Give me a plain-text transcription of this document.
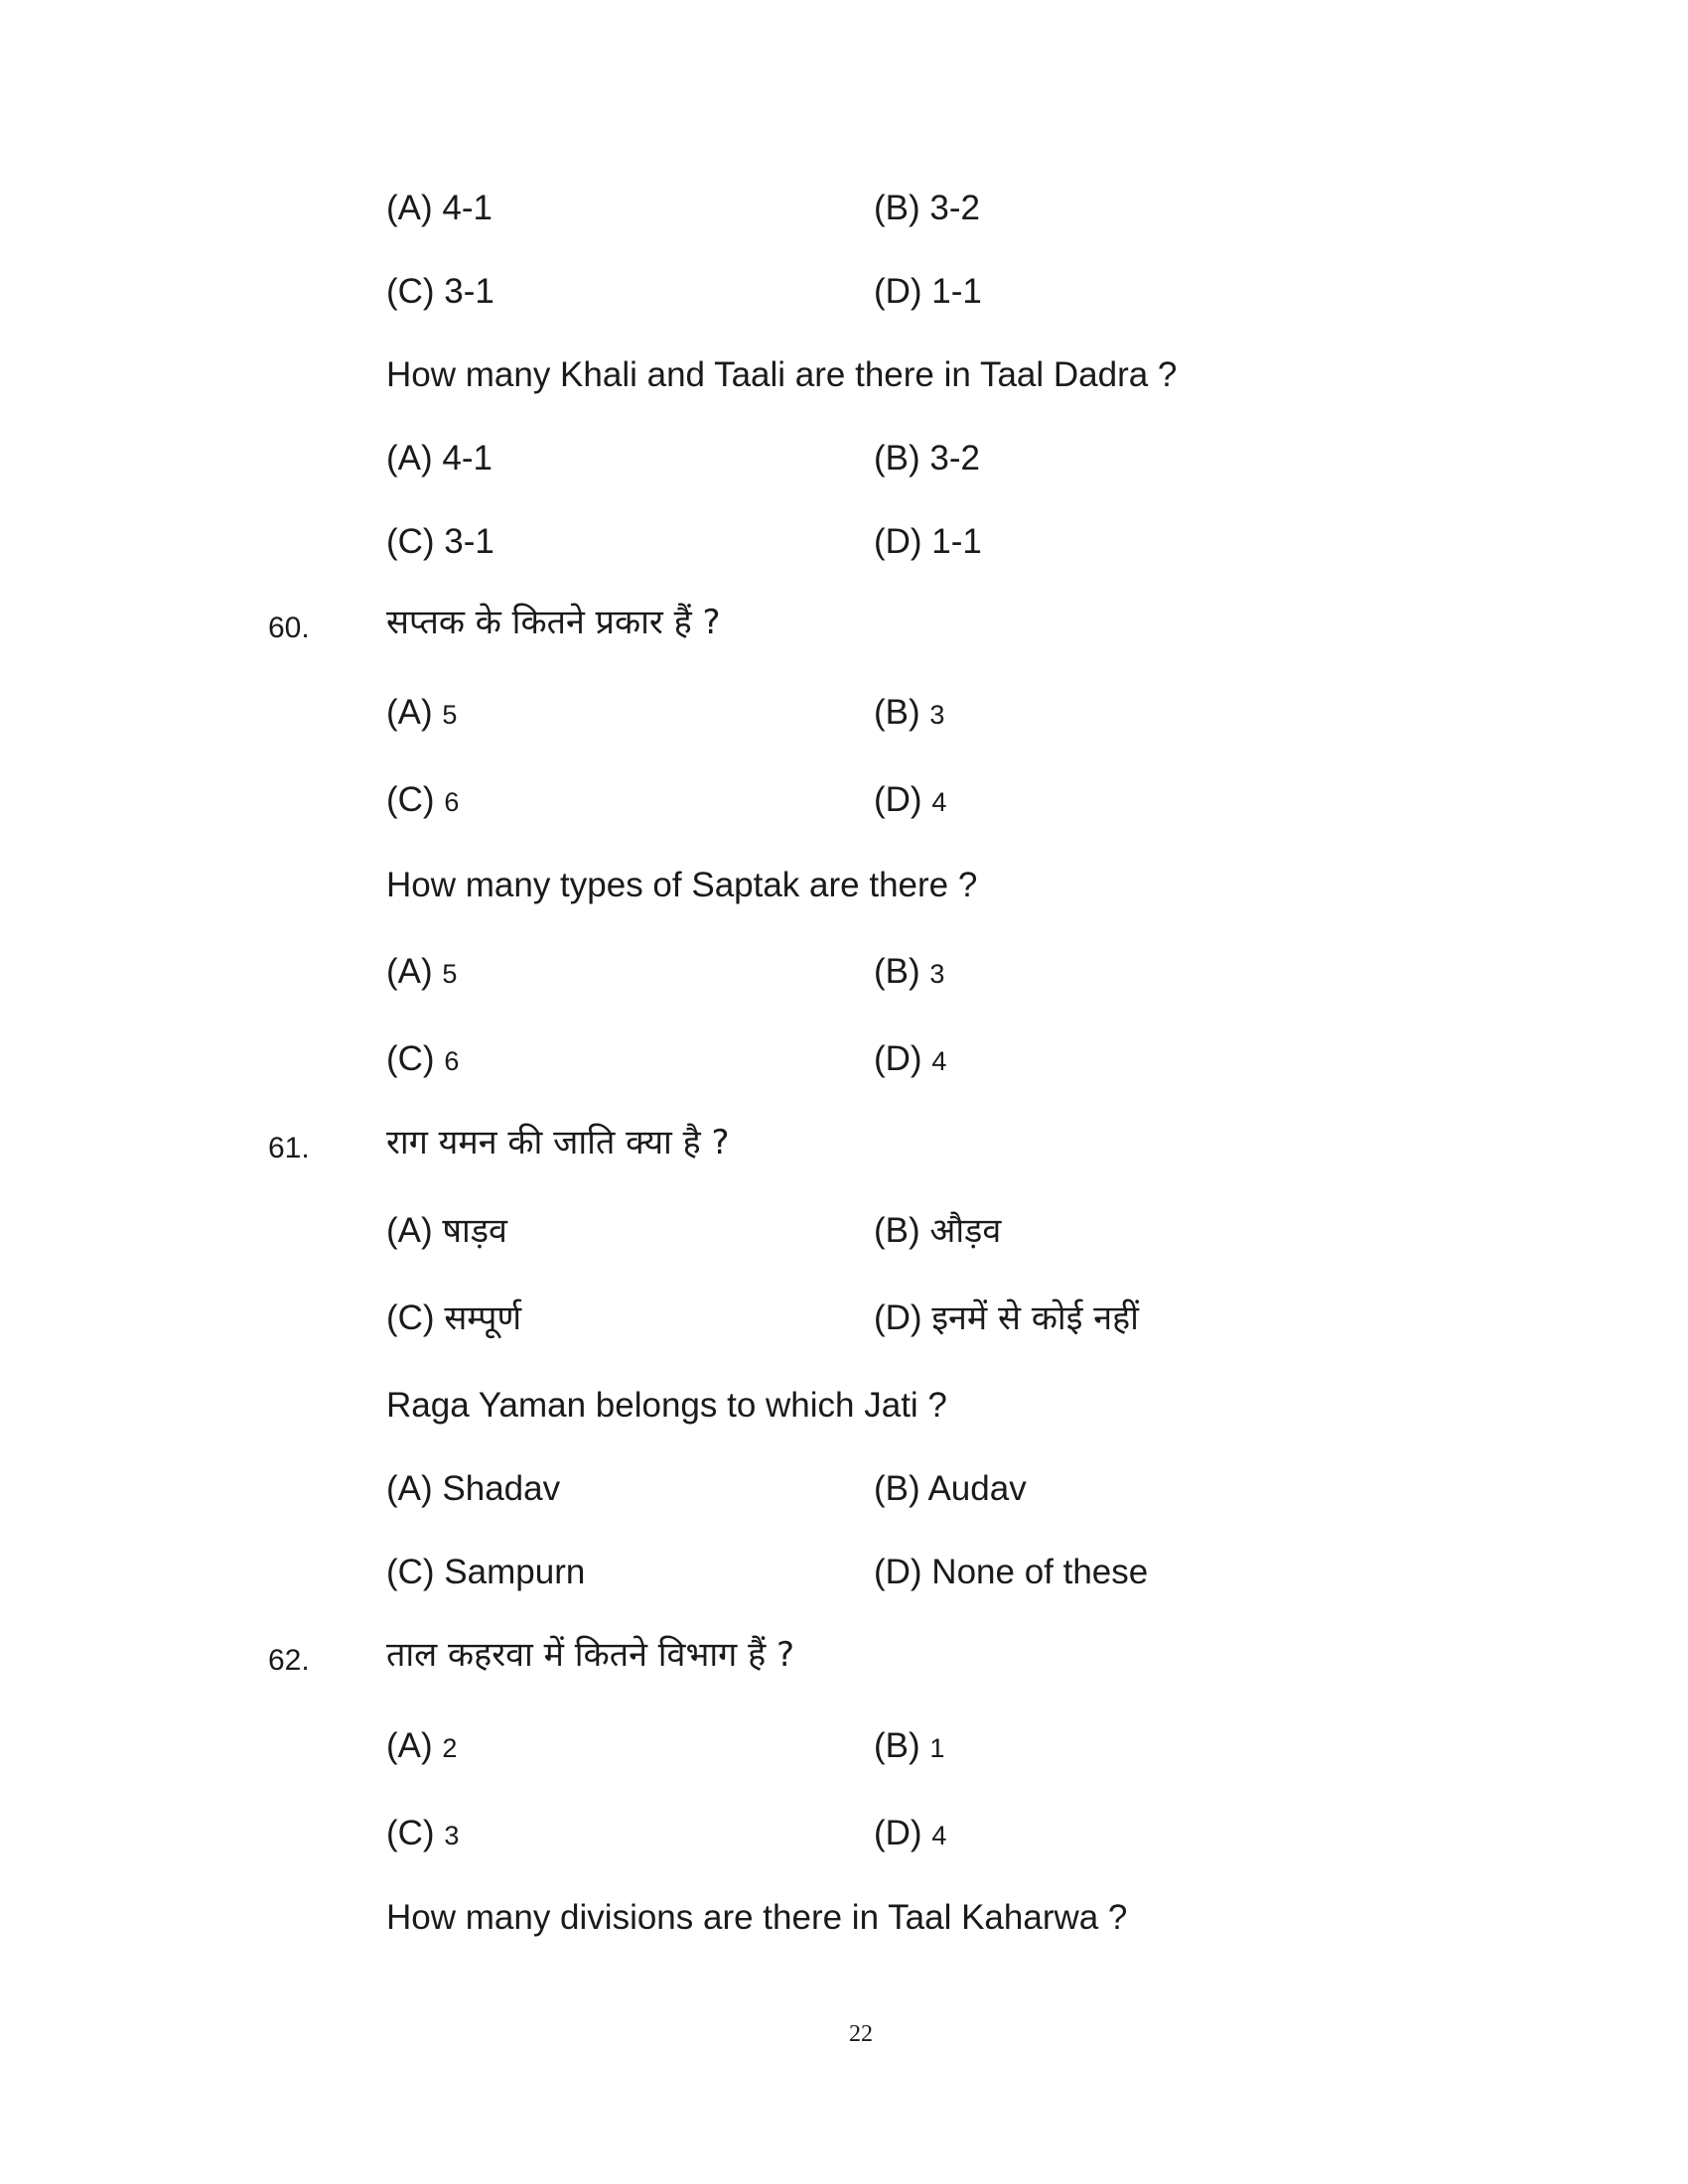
(A) 4-1	(B) 3-2
(C) 3-1	(D) 1-1
How many Khali and Taali are there in Taal Dadra ?
(A) 4-1	(B) 3-2
(C) 3-1	(D) 1-1
60. सप्तक के कितने प्रकार हैं ?
(A) 5	(B) 3
(C) 6	(D) 4
How many types of Saptak are there ?
(A) 5	(B) 3
(C) 6	(D) 4
61. राग यमन की जाति क्या है ?
(A) षाड़व	(B) औड़व
(C) सम्पूर्ण	(D) इनमें से कोई नहीं
Raga Yaman belongs to which Jati ?
(A) Shadav	(B) Audav
(C) Sampurn	(D) None of these
62. ताल कहरवा में कितने विभाग हैं ?
(A) 2	(B) 1
(C) 3	(D) 4
How many divisions are there in Taal Kaharwa ?
22
